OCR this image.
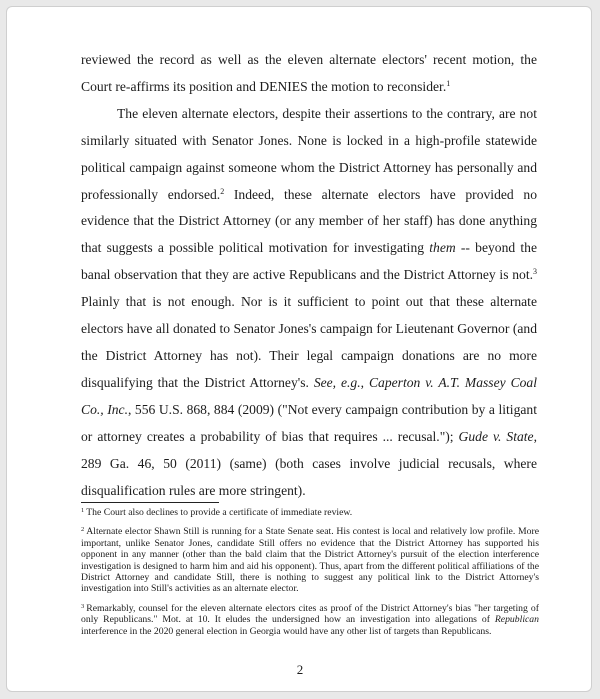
reviewed the record as well as the eleven alternate electors' recent motion, the Court re-affirms its position and DENIES the motion to reconsider.$^1$

The eleven alternate electors, despite their assertions to the contrary, are not similarly situated with Senator Jones. None is locked in a high-profile statewide political campaign against someone whom the District Attorney has personally and professionally endorsed.$^2$ Indeed, these alternate electors have provided no evidence that the District Attorney (or any member of her staff) has done anything that suggests a possible political motivation for investigating them -- beyond the banal observation that they are active Republicans and the District Attorney is not.$^3$ Plainly that is not enough. Nor is it sufficient to point out that these alternate electors have all donated to Senator Jones's campaign for Lieutenant Governor (and the District Attorney has not). Their legal campaign donations are no more disqualifying that the District Attorney's. See, e.g., Caperton v. A.T. Massey Coal Co., Inc., 556 U.S. 868, 884 (2009) ("Not every campaign contribution by a litigant or attorney creates a probability of bias that requires ... recusal."); Gude v. State, 289 Ga. 46, 50 (2011) (same) (both cases involve judicial recusals, where disqualification rules are more stringent).

$^1$ The Court also declines to provide a certificate of immediate review.

$^2$ Alternate elector Shawn Still is running for a State Senate seat. His contest is local and relatively low profile. More important, unlike Senator Jones, candidate Still offers no evidence that the District Attorney has supported his opponent in any manner (other than the bald claim that the District Attorney's pursuit of the election interference investigation is designed to harm him and aid his opponent). Thus, apart from the different political affiliations of the District Attorney and candidate Still, there is nothing to suggest any political link to the District Attorney's investigation into Still's activities as an alternate elector.

$^3$ Remarkably, counsel for the eleven alternate electors cites as proof of the District Attorney's bias "her targeting of only Republicans." Mot. at 10. It eludes the undersigned how an investigation into allegations of Republican interference in the 2020 general election in Georgia would have any other list of targets than Republicans.

2
